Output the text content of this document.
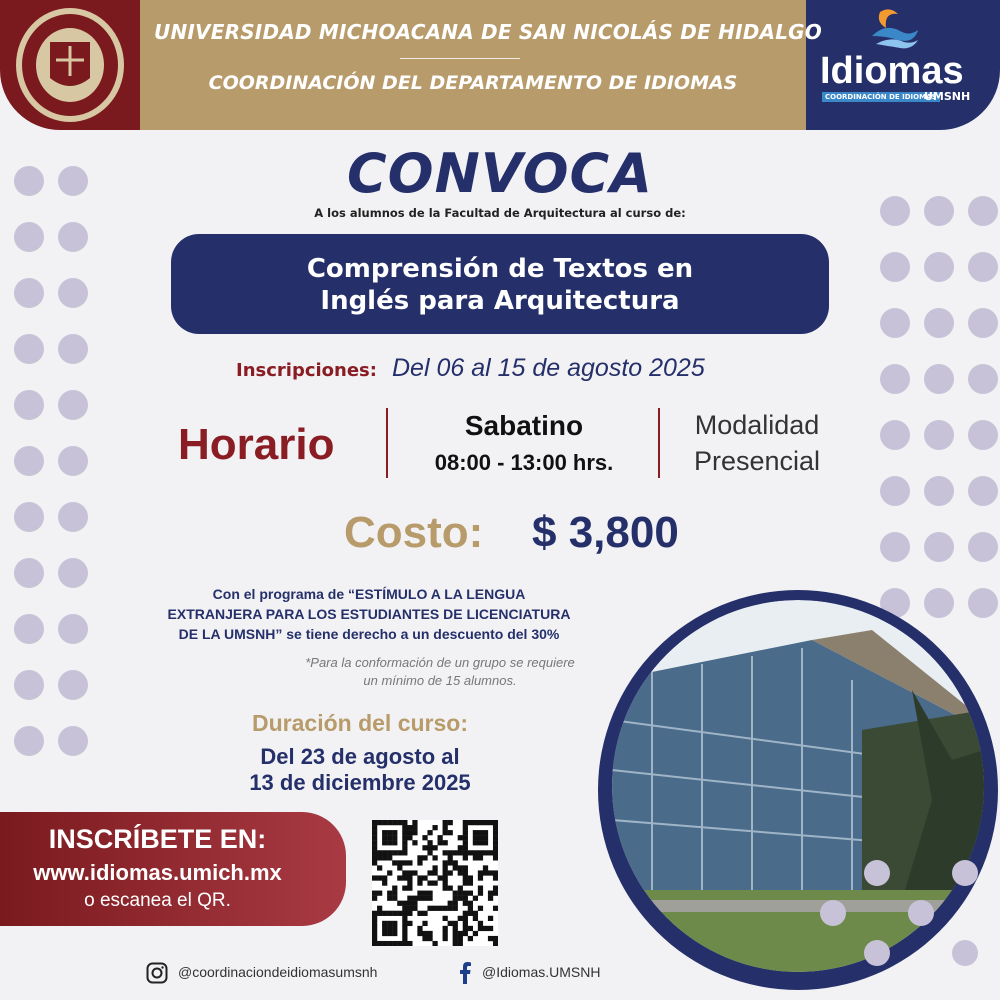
UNIVERSIDAD MICHOACANA DE SAN NICOLÁS DE HIDALGO
COORDINACIÓN DEL DEPARTAMENTO DE IDIOMAS	Idiomas
COORDINACIÓN DE IDIOMAS
UMSNH
CONVOCA
A los alumnos de la Facultad de Arquitectura al curso de:
Comprensión de Textos en
Inglés para Arquitectura
Inscripciones: Del 06 al 15 de agosto 2025
Horario	Sabatino
08:00 - 13:00 hrs.
Modalidad
Presencial
Costo: $ 3,800
Con el programa de “ESTÍMULO A LA LENGUA
EXTRANJERA PARA LOS ESTUDIANTES DE LICENCIATURA
DE LA UMSNH” se tiene derecho a un descuento del 30%
*Para la conformación de un grupo se requiere
un mínimo de 15 alumnos.
Duración del curso:
Del 23 de agosto al
13 de diciembre 2025
INSCRÍBETE EN:
www.idiomas.umich.mx
o escanea el QR.
@coordinaciondeidiomasumsnh	@Idiomas.UMSNH
